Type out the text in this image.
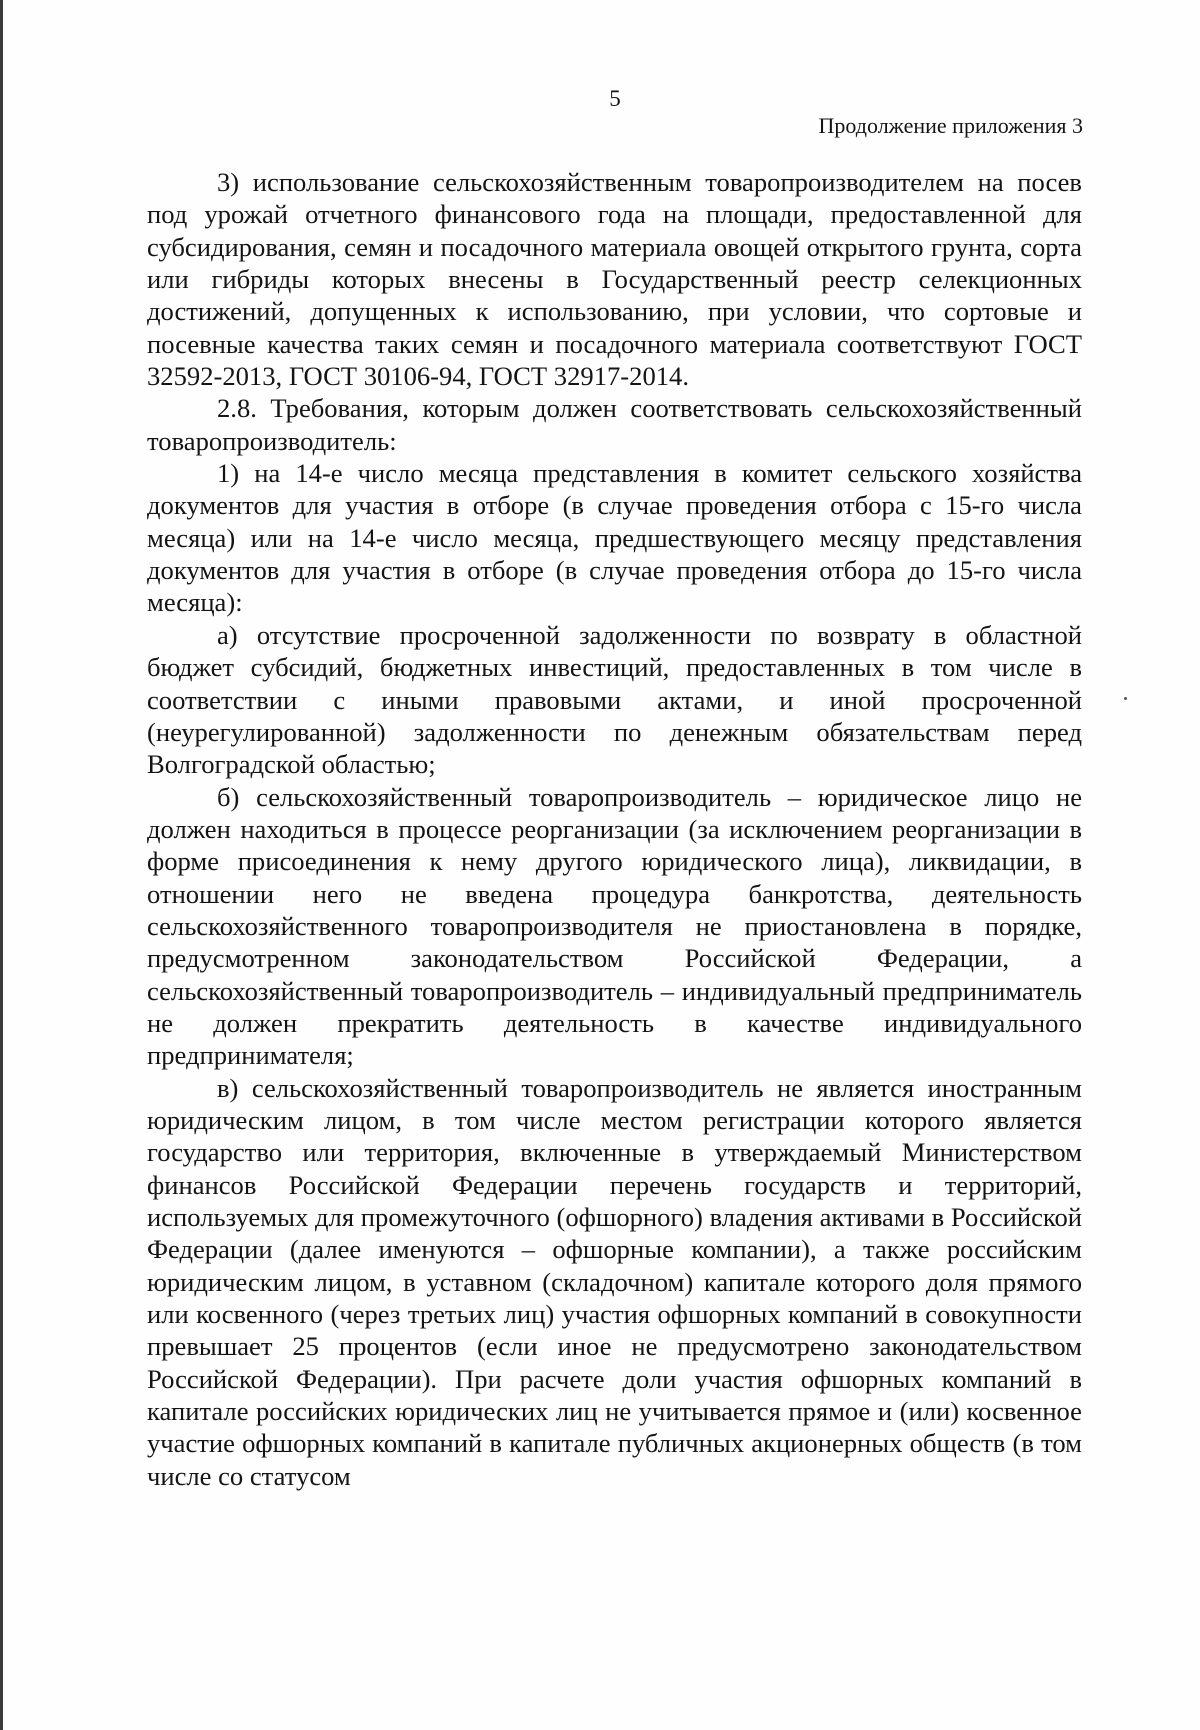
5
Продолжение приложения 3

3) использование сельскохозяйственным товаропроизводителем на посев под урожай отчетного финансового года на площади, предоставленной для субсидирования, семян и посадочного материала овощей открытого грунта, сорта или гибриды которых внесены в Государственный реестр селекционных достижений, допущенных к использованию, при условии, что сортовые и посевные качества таких семян и посадочного материала соответствуют ГОСТ 32592-2013, ГОСТ 30106-94, ГОСТ 32917-2014.

2.8. Требования, которым должен соответствовать сельскохозяйственный товаропроизводитель:

1) на 14-е число месяца представления в комитет сельского хозяйства документов для участия в отборе (в случае проведения отбора с 15-го числа месяца) или на 14-е число месяца, предшествующего месяцу представления документов для участия в отборе (в случае проведения отбора до 15-го числа месяца):

а) отсутствие просроченной задолженности по возврату в областной бюджет субсидий, бюджетных инвестиций, предоставленных в том числе в соответствии с иными правовыми актами, и иной просроченной (неурегулированной) задолженности по денежным обязательствам перед Волгоградской областью;

б) сельскохозяйственный товаропроизводитель – юридическое лицо не должен находиться в процессе реорганизации (за исключением реорганизации в форме присоединения к нему другого юридического лица), ликвидации, в отношении него не введена процедура банкротства, деятельность сельскохозяйственного товаропроизводителя не приостановлена в порядке, предусмотренном законодательством Российской Федерации, а сельскохозяйственный товаропроизводитель – индивидуальный предприниматель не должен прекратить деятельность в качестве индивидуального предпринимателя;

в) сельскохозяйственный товаропроизводитель не является иностранным юридическим лицом, в том числе местом регистрации которого является государство или территория, включенные в утверждаемый Министерством финансов Российской Федерации перечень государств и территорий, используемых для промежуточного (офшорного) владения активами в Российской Федерации (далее именуются – офшорные компании), а также российским юридическим лицом, в уставном (складочном) капитале которого доля прямого или косвенного (через третьих лиц) участия офшорных компаний в совокупности превышает 25 процентов (если иное не предусмотрено законодательством Российской Федерации). При расчете доли участия офшорных компаний в капитале российских юридических лиц не учитывается прямое и (или) косвенное участие офшорных компаний в капитале публичных акционерных обществ (в том числе со статусом
